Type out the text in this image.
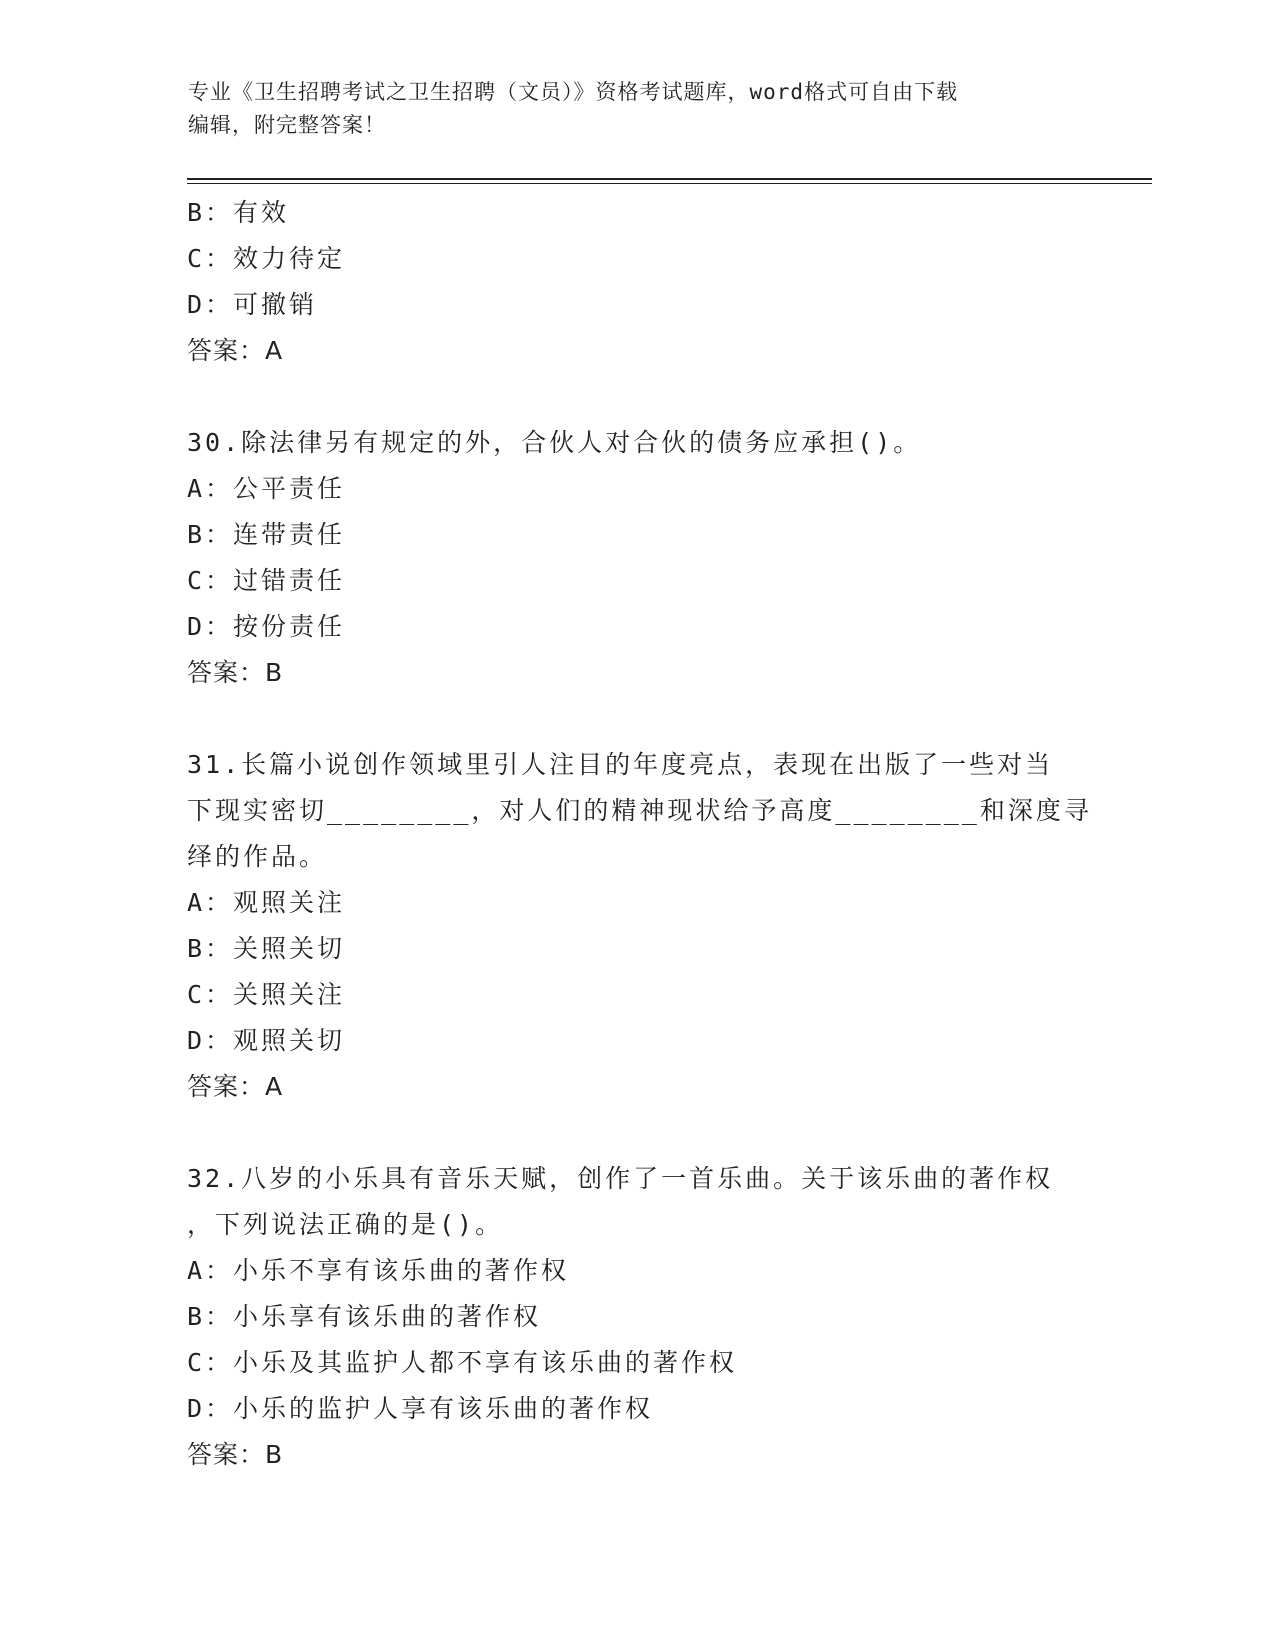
专业《卫生招聘考试之卫生招聘（文员）》资格考试题库，word格式可自由下载
编辑，附完整答案！
B：有效
C：效力待定
D：可撤销
答案：A
30.除法律另有规定的外，合伙人对合伙的债务应承担()。
A：公平责任
B：连带责任
C：过错责任
D：按份责任
答案：B
31.长篇小说创作领域里引人注目的年度亮点，表现在出版了一些对当
下现实密切________，对人们的精神现状给予高度________和深度寻
绎的作品。
A：观照关注
B：关照关切
C：关照关注
D：观照关切
答案：A
32.八岁的小乐具有音乐天赋，创作了一首乐曲。关于该乐曲的著作权
，下列说法正确的是()。
A：小乐不享有该乐曲的著作权
B：小乐享有该乐曲的著作权
C：小乐及其监护人都不享有该乐曲的著作权
D：小乐的监护人享有该乐曲的著作权
答案：B
